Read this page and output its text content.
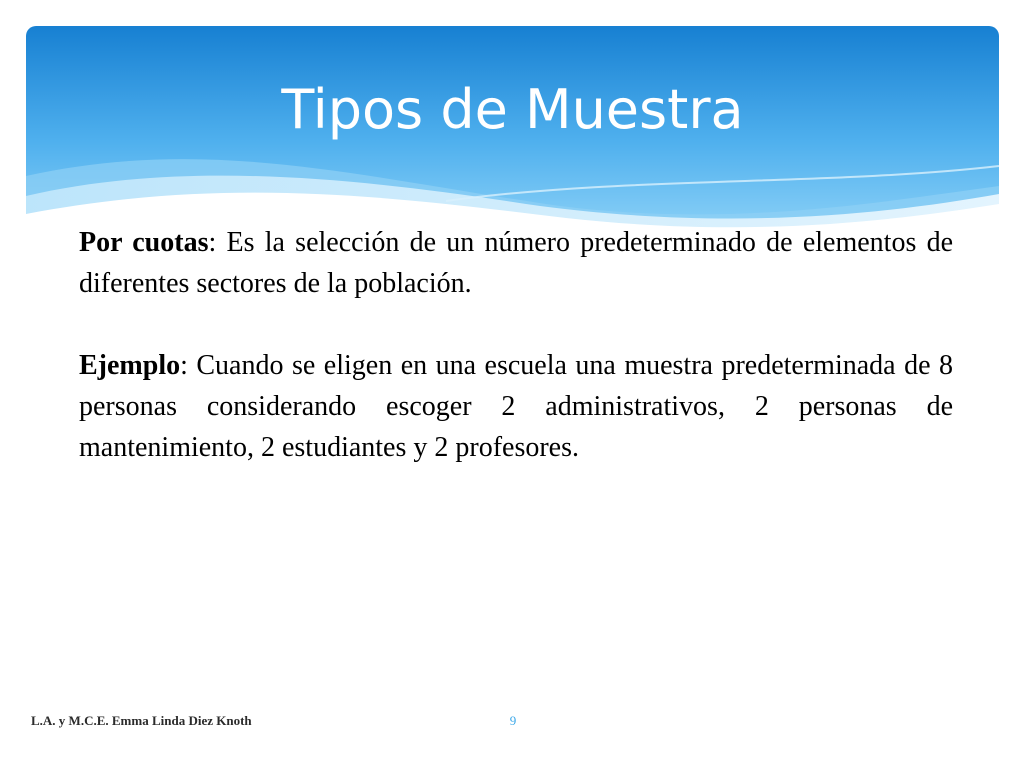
Tipos de Muestra

Por cuotas: Es la selección de un número predeterminado de elementos de diferentes sectores de la población.

Ejemplo: Cuando se eligen en una escuela una muestra predeterminada de 8 personas considerando escoger 2 administrativos, 2 personas de mantenimiento, 2 estudiantes y 2 profesores.

L.A. y M.C.E. Emma Linda Diez Knoth	9
